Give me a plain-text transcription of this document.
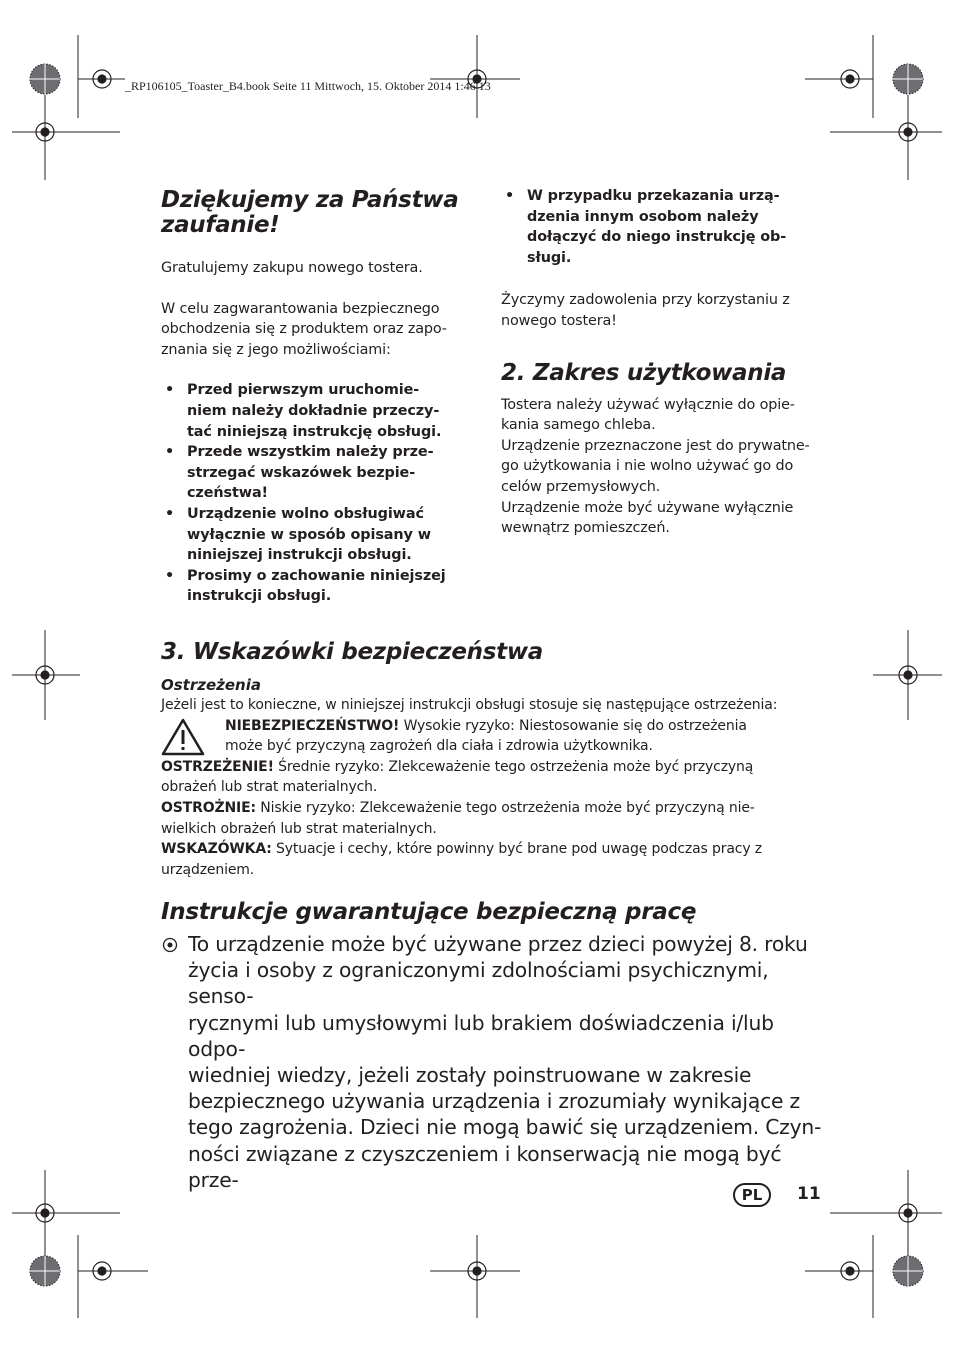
_RP106105_Toaster_B4.book Seite 11 Mittwoch, 15. Oktober 2014 1:46 13
Dziękujemy za Państwa
zaufanie!

Gratulujemy zakupu nowego tostera.

W celu zagwarantowania bezpiecznego
obchodzenia się z produktem oraz zapo-
znania się z jego możliwościami:

• Przed pierwszym uruchomie-
niem należy dokładnie przeczy-
tać niniejszą instrukcję obsługi.
• Przede wszystkim należy prze-
strzegać wskazówek bezpie-
czeństwa!
• Urządzenie wolno obsługiwać
wyłącznie w sposób opisany w
niniejszej instrukcji obsługi.
• Prosimy o zachowanie niniejszej
instrukcji obsługi.
• W przypadku przekazania urzą-
dzenia innym osobom należy
dołączyć do niego instrukcję ob-
sługi.

Życzymy zadowolenia przy korzystaniu z
nowego tostera!

2. Zakres użytkowania

Tostera należy używać wyłącznie do opie-
kania samego chleba.
Urządzenie przeznaczone jest do prywatne-
go użytkowania i nie wolno używać go do
celów przemysłowych.
Urządzenie może być używane wyłącznie
wewnątrz pomieszczeń.

3. Wskazówki bezpieczeństwa
Ostrzeżenia

Jeżeli jest to konieczne, w niniejszej instrukcji obsługi stosuje się następujące ostrzeżenia:

NIEBEZPIECZEŃSTWO! Wysokie ryzyko: Niestosowanie się do ostrzeżenia
może być przyczyną zagrożeń dla ciała i zdrowia użytkownika.

OSTRZEŻENIE! Średnie ryzyko: Zlekceważenie tego ostrzeżenia może być przyczyną
obrażeń lub strat materialnych.

OSTROŻNIE: Niskie ryzyko: Zlekceważenie tego ostrzeżenia może być przyczyną nie-
wielkich obrażeń lub strat materialnych.

WSKAZÓWKA: Sytuacje i cechy, które powinny być brane pod uwagę podczas pracy z
urządzeniem.

Instrukcje gwarantujące bezpieczną pracę

To urządzenie może być używane przez dzieci powyżej 8. roku
życia i osoby z ograniczonymi zdolnościami psychicznymi, senso-
rycznymi lub umysłowymi lub brakiem doświadczenia i/lub odpo-
wiedniej wiedzy, jeżeli zostały poinstruowane w zakresie
bezpiecznego używania urządzenia i zrozumiały wynikające z
tego zagrożenia. Dzieci nie mogą bawić się urządzeniem. Czyn-
ności związane z czyszczeniem i konserwacją nie mogą być prze-

PL	11
